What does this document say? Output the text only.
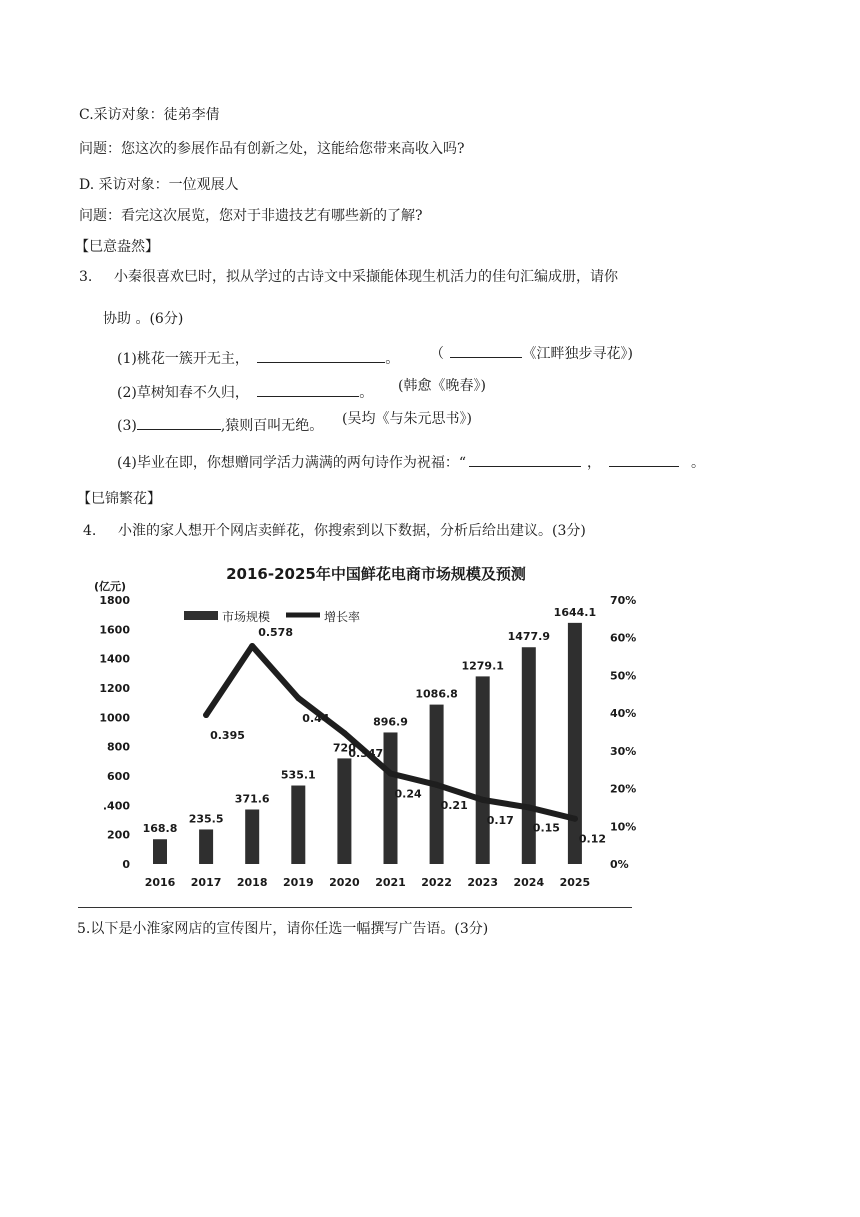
C.采访对象：徒弟李倩
问题：您这次的参展作品有创新之处，这能给您带来高收入吗?
D. 采访对象：一位观展人
问题：看完这次展览，您对于非遗技艺有哪些新的了解?
【巳意盎然】
3. 小秦很喜欢巳时，拟从学过的古诗文中采撷能体现生机活力的佳句汇编成册，请你
协助 。(6分)
(1)桃花一簇开无主，	。 （	《江畔独步寻花》)
(2)草树知春不久归，	。 (韩愈《晚春》)
(3)	,猿则百叫无绝。 (吴均《与朱元思书》)
(4)毕业在即，你想赠同学活力满满的两句诗作为祝福：“	，	。
【巳锦繁花】
4. 小淮的家人想开个网店卖鲜花，你搜索到以下数据，分析后给出建议。(3分)
2016-2025年中国鲜花电商市场规模及预测
(亿元)
市场规模	增长率
0
200
.400
600
800
1000
1200
1400
1600
1800
0%
10%
20%
30%
40%
50%
60%
70%
2016 2017 2018 2019 2020 2021 2022 2023 2024 2025
168.8
235.5
371.6
535.1
720
896.9
1086.8
1279.1
1477.9
1644.1
0.395
0.578
0.44
0.347
0.24
0.21
0.17
0.15
0.12
5.以下是小淮家网店的宣传图片，请你任选一幅撰写广告语。(3分)
